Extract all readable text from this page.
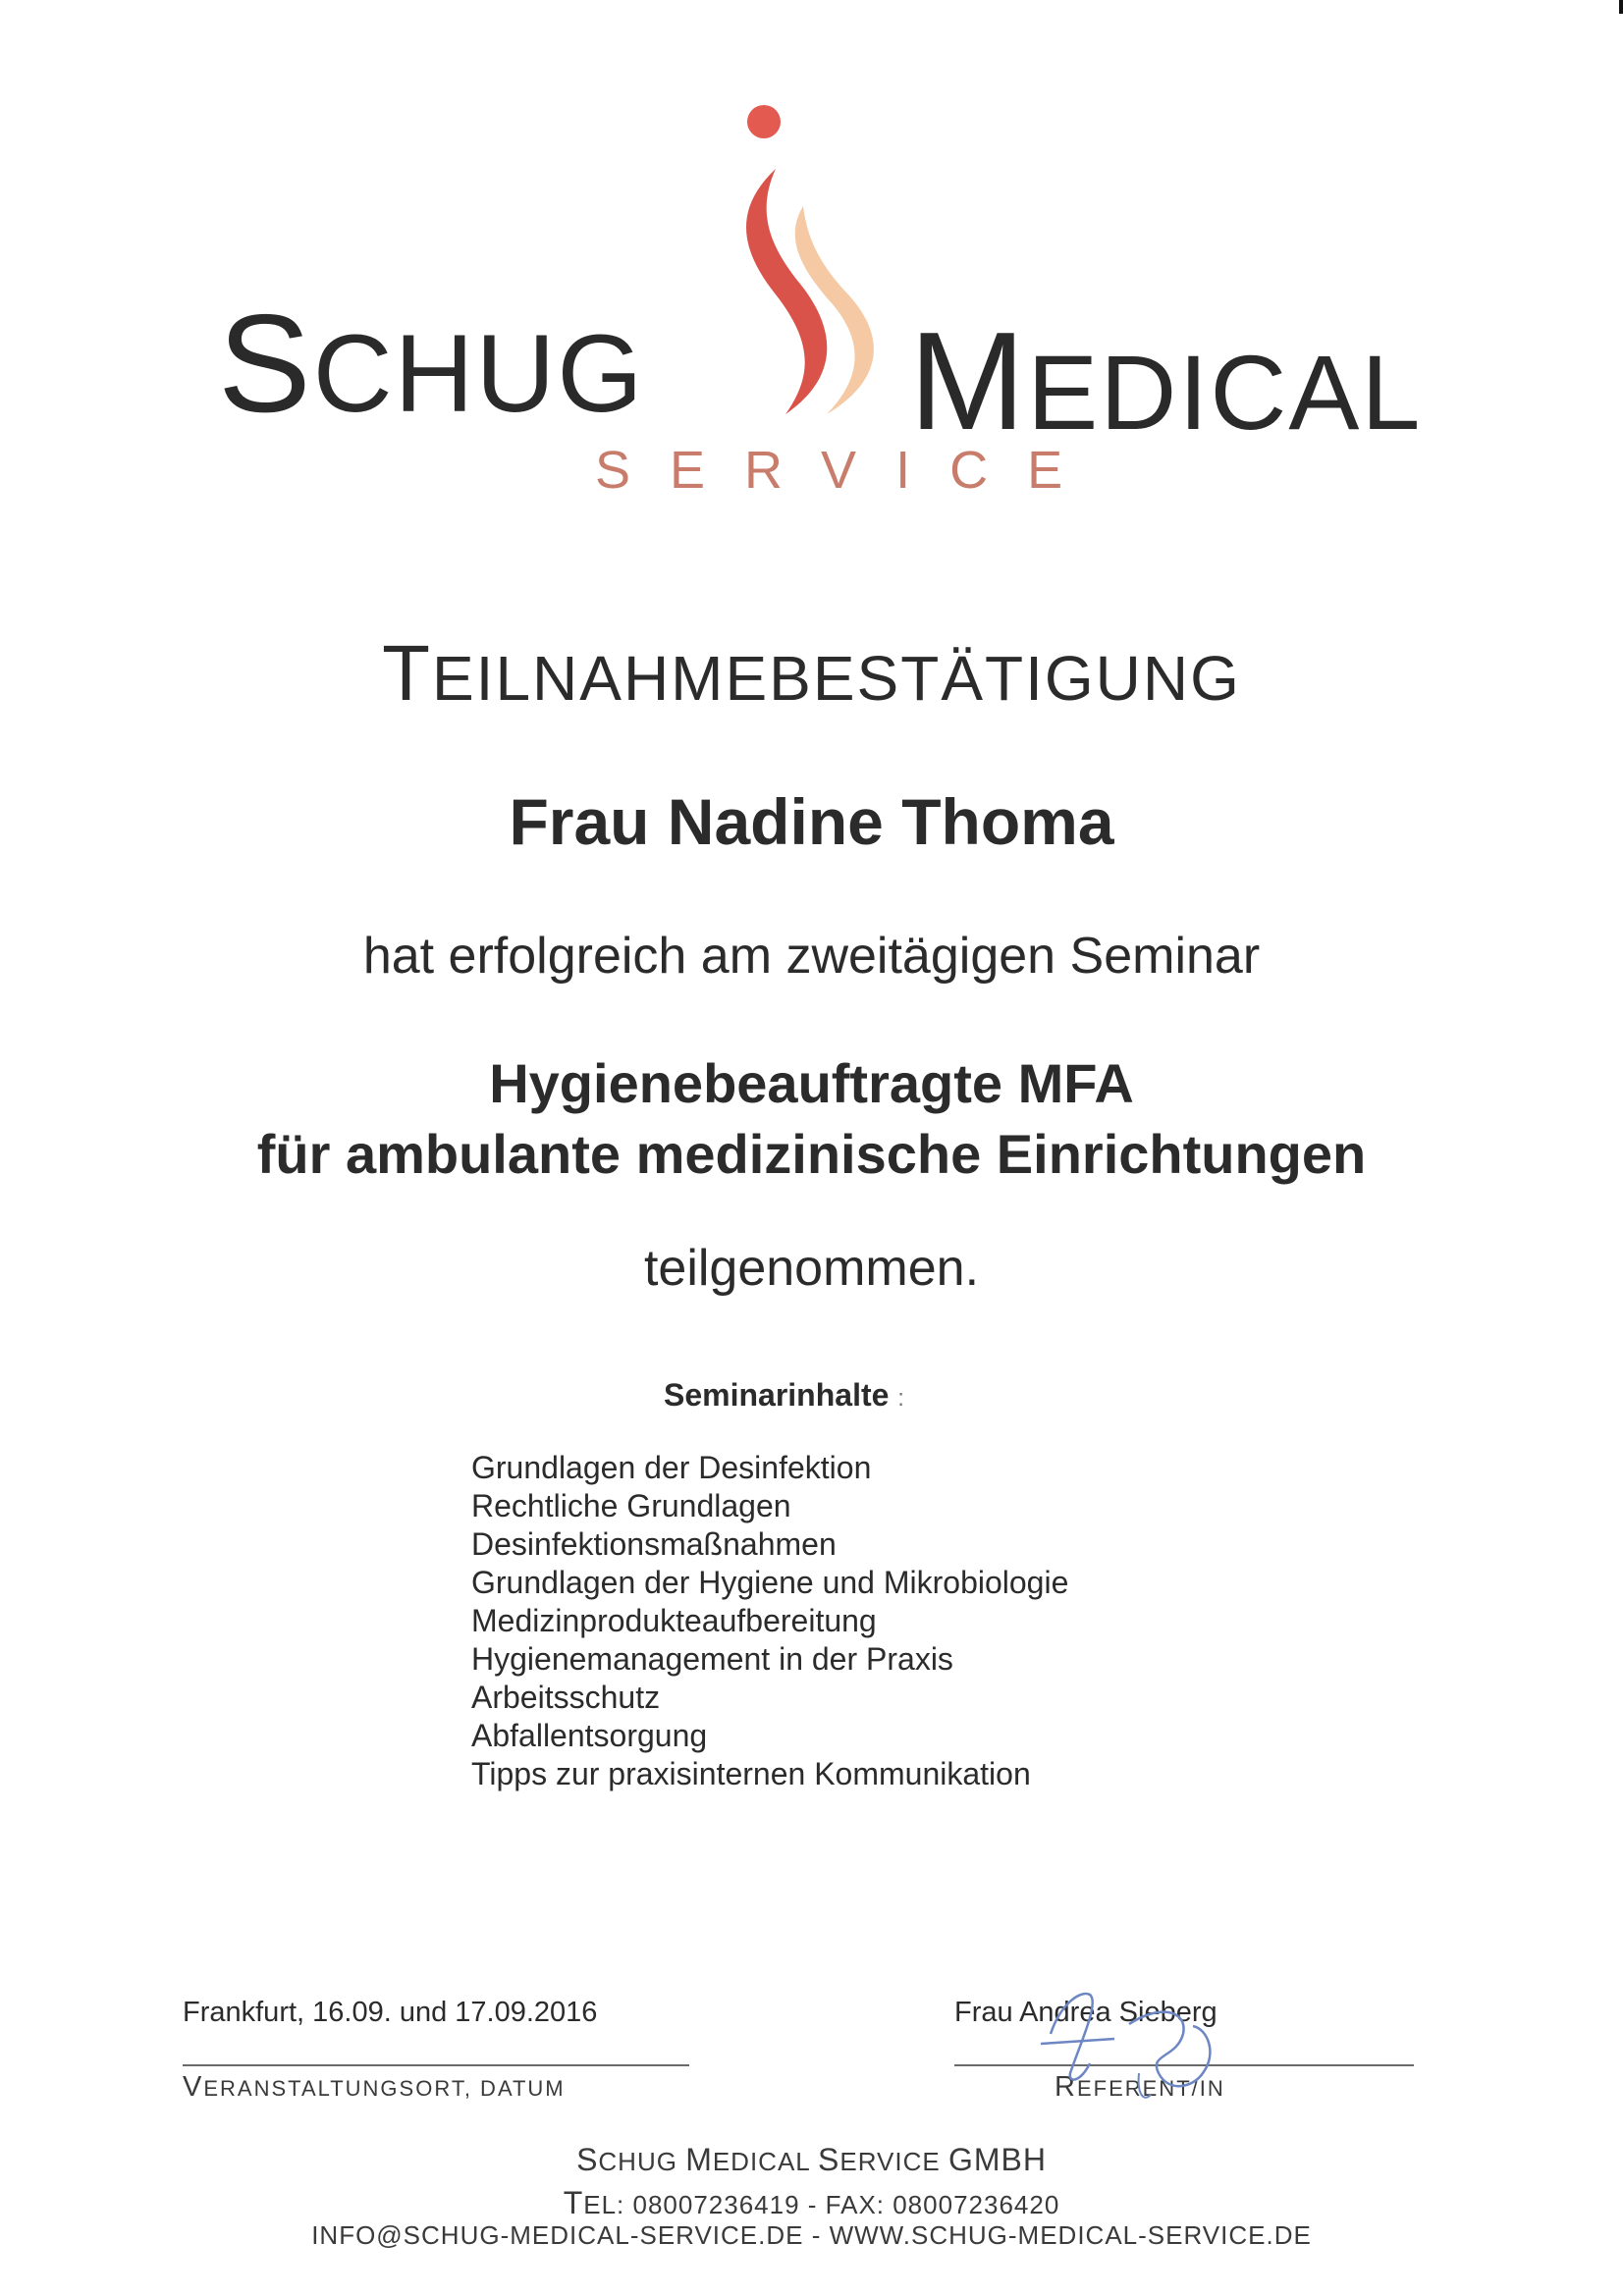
SCHUG MEDICAL
SERVICE
TEILNAHMEBESTÄTIGUNG
Frau Nadine Thoma
hat erfolgreich am zweitägigen Seminar
Hygienebeauftragte MFA
für ambulante medizinische Einrichtungen
teilgenommen.
Seminarinhalte :
Grundlagen der Desinfektion
Rechtliche Grundlagen
Desinfektionsmaßnahmen
Grundlagen der Hygiene und Mikrobiologie
Medizinprodukteaufbereitung
Hygienemanagement in der Praxis
Arbeitsschutz
Abfallentsorgung
Tipps zur praxisinternen Kommunikation
Frankfurt, 16.09. und 17.09.2016
VERANSTALTUNGSORT, DATUM
Frau Andrea Sieberg
REFERENT/IN
SCHUG MEDICAL SERVICE GMBH
TEL: 08007236419 - FAX: 08007236420
INFO@SCHUG-MEDICAL-SERVICE.DE - WWW.SCHUG-MEDICAL-SERVICE.DE
